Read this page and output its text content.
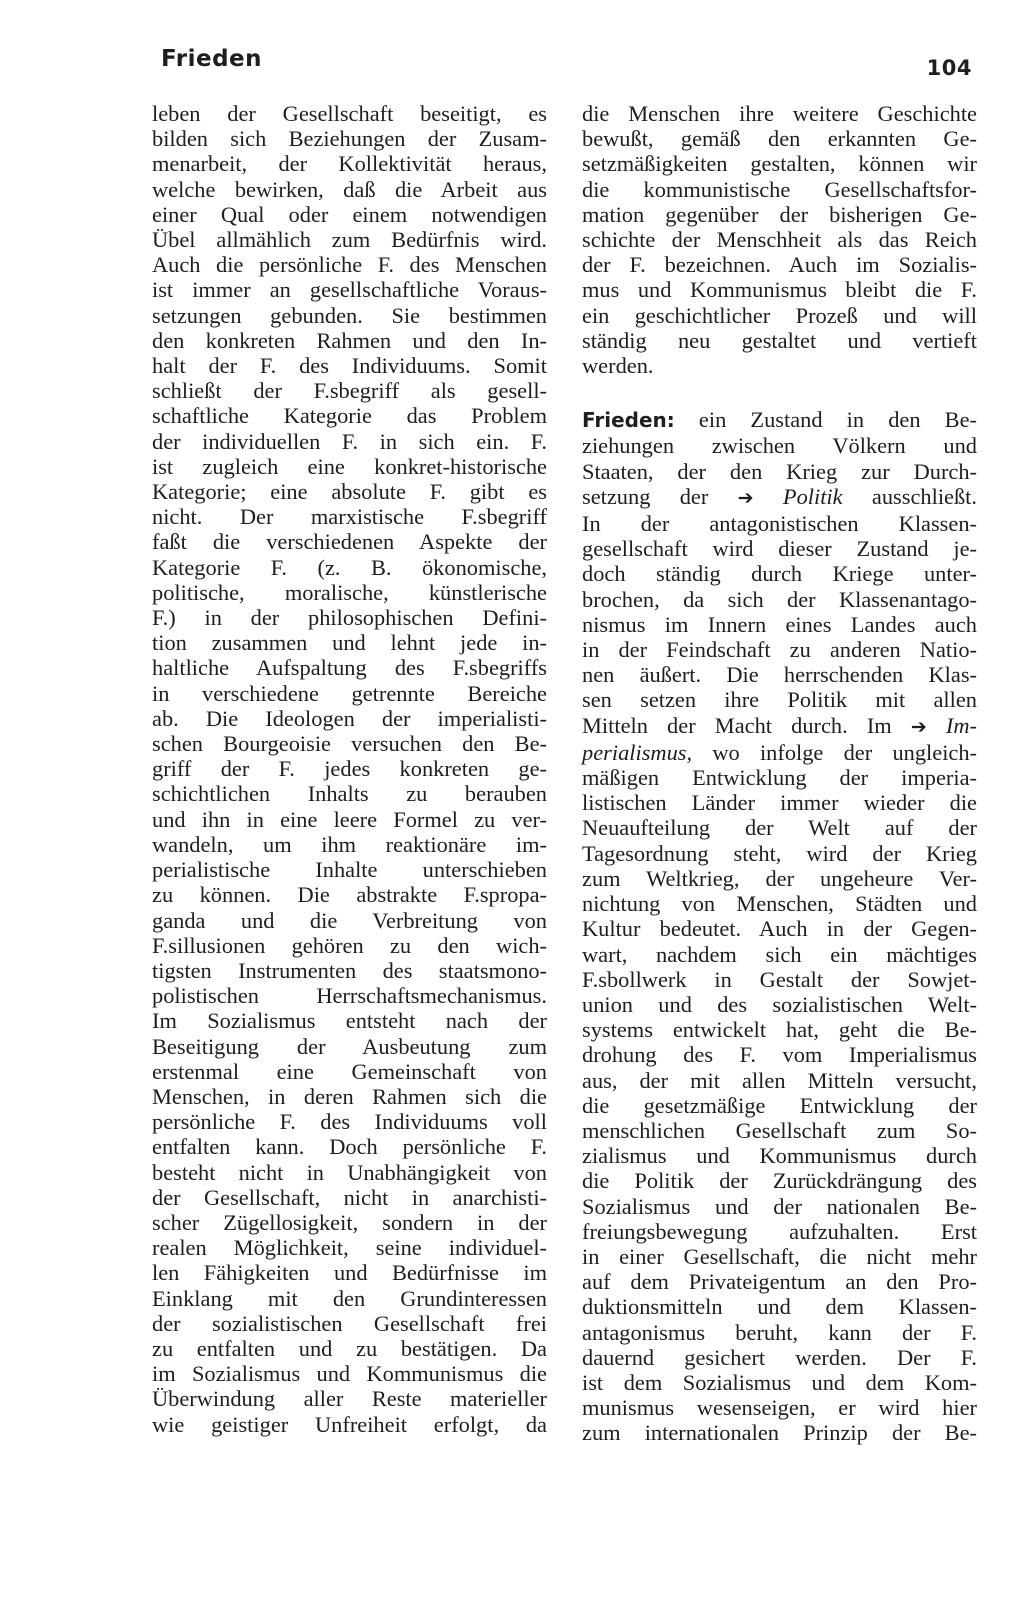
Frieden	104
leben der Gesellschaft beseitigt, es
bilden sich Beziehungen der Zusam-
menarbeit, der Kollektivität heraus,
welche bewirken, daß die Arbeit aus
einer Qual oder einem notwendigen
Übel allmählich zum Bedürfnis wird.
Auch die persönliche F. des Menschen
ist immer an gesellschaftliche Voraus-
setzungen gebunden. Sie bestimmen
den konkreten Rahmen und den In-
halt der F. des Individuums. Somit
schließt der F.sbegriff als gesell-
schaftliche Kategorie das Problem
der individuellen F. in sich ein. F.
ist zugleich eine konkret-historische
Kategorie; eine absolute F. gibt es
nicht. Der marxistische F.sbegriff
faßt die verschiedenen Aspekte der
Kategorie F. (z. B. ökonomische,
politische, moralische, künstlerische
F.) in der philosophischen Defini-
tion zusammen und lehnt jede in-
haltliche Aufspaltung des F.sbegriffs
in verschiedene getrennte Bereiche
ab. Die Ideologen der imperialisti-
schen Bourgeoisie versuchen den Be-
griff der F. jedes konkreten ge-
schichtlichen Inhalts zu berauben
und ihn in eine leere Formel zu ver-
wandeln, um ihm reaktionäre im-
perialistische Inhalte unterschieben
zu können. Die abstrakte F.spropa-
ganda und die Verbreitung von
F.sillusionen gehören zu den wich-
tigsten Instrumenten des staatsmono-
polistischen Herrschaftsmechanismus.
Im Sozialismus entsteht nach der
Beseitigung der Ausbeutung zum
erstenmal eine Gemeinschaft von
Menschen, in deren Rahmen sich die
persönliche F. des Individuums voll
entfalten kann. Doch persönliche F.
besteht nicht in Unabhängigkeit von
der Gesellschaft, nicht in anarchisti-
scher Zügellosigkeit, sondern in der
realen Möglichkeit, seine individuel-
len Fähigkeiten und Bedürfnisse im
Einklang mit den Grundinteressen
der sozialistischen Gesellschaft frei
zu entfalten und zu bestätigen. Da
im Sozialismus und Kommunismus die
Überwindung aller Reste materieller
wie geistiger Unfreiheit erfolgt, da
die Menschen ihre weitere Geschichte
bewußt, gemäß den erkannten Ge-
setzmäßigkeiten gestalten, können wir
die kommunistische Gesellschaftsfor-
mation gegenüber der bisherigen Ge-
schichte der Menschheit als das Reich
der F. bezeichnen. Auch im Sozialis-
mus und Kommunismus bleibt die F.
ein geschichtlicher Prozeß und will
ständig neu gestaltet und vertieft
werden.
Frieden: ein Zustand in den Be-
ziehungen zwischen Völkern und
Staaten, der den Krieg zur Durch-
setzung der ➔ Politik ausschließt.
In der antagonistischen Klassen-
gesellschaft wird dieser Zustand je-
doch ständig durch Kriege unter-
brochen, da sich der Klassenantago-
nismus im Innern eines Landes auch
in der Feindschaft zu anderen Natio-
nen äußert. Die herrschenden Klas-
sen setzen ihre Politik mit allen
Mitteln der Macht durch. Im ➔ Im-
perialismus, wo infolge der ungleich-
mäßigen Entwicklung der imperia-
listischen Länder immer wieder die
Neuaufteilung der Welt auf der
Tagesordnung steht, wird der Krieg
zum Weltkrieg, der ungeheure Ver-
nichtung von Menschen, Städten und
Kultur bedeutet. Auch in der Gegen-
wart, nachdem sich ein mächtiges
F.sbollwerk in Gestalt der Sowjet-
union und des sozialistischen Welt-
systems entwickelt hat, geht die Be-
drohung des F. vom Imperialismus
aus, der mit allen Mitteln versucht,
die gesetzmäßige Entwicklung der
menschlichen Gesellschaft zum So-
zialismus und Kommunismus durch
die Politik der Zurückdrängung des
Sozialismus und der nationalen Be-
freiungsbewegung aufzuhalten. Erst
in einer Gesellschaft, die nicht mehr
auf dem Privateigentum an den Pro-
duktionsmitteln und dem Klassen-
antagonismus beruht, kann der F.
dauernd gesichert werden. Der F.
ist dem Sozialismus und dem Kom-
munismus wesenseigen, er wird hier
zum internationalen Prinzip der Be-
